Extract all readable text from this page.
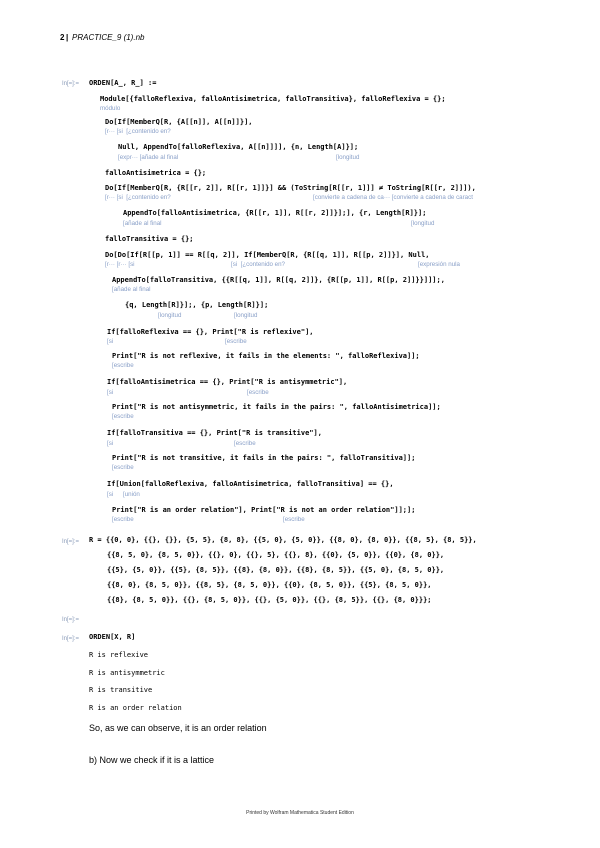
2 | PRACTICE_9 (1).nb
In[=]:= ORDEN[A_, R_] :=
Module[{falloReflexiva, falloAntisimetrica, falloTransitiva}, falloReflexiva = {};
módulo
Do[If[MemberQ[R, {A[[n]], A[[n]]}],
[r··· [si  [¿contenido en?
Null, AppendTo[falloReflexiva, A[[n]]]], {n, Length[A]}];
[expr··· [añade al final	[longitud
falloAntisimetrica = {};
Do[If[MemberQ[R, {R[[r, 2]], R[[r, 1]]}] && (ToString[R[[r, 1]]] ≠ ToString[R[[r, 2]]]),
[r··· [si  [¿contenido en?	[convierte a cadena de ca··· [convierte a cadena de caract
AppendTo[falloAntisimetrica, {R[[r, 1]], R[[r, 2]]}];], {r, Length[R]}];
[añade al final	[longitud
falloTransitiva = {};
Do[Do[If[R[[p, 1]] == R[[q, 2]], If[MemberQ[R, {R[[q, 1]], R[[p, 2]]}], Null,
[r··· [r··· [si	[si  [¿contenido en?	[expresión nula
AppendTo[falloTransitiva, {{R[[q, 1]], R[[q, 2]]}, {R[[p, 1]], R[[p, 2]]}}]]];,
[añade al final
{q, Length[R]}];, {p, Length[R]}];
[longitud	[longitud
If[falloReflexiva == {}, Print["R is reflexive"],
[si	[escribe
Print["R is not reflexive, it fails in the elements: ", falloReflexiva]];
[escribe
If[falloAntisimetrica == {}, Print["R is antisymmetric"],
[si	[escribe
Print["R is not antisymmetric, it fails in the pairs: ", falloAntisimetrica]];
[escribe
If[falloTransitiva == {}, Print["R is transitive"],
[si	[escribe
Print["R is not transitive, it fails in the pairs: ", falloTransitiva]];
[escribe
If[Union[falloReflexiva, falloAntisimetrica, falloTransitiva] == {},
[si [unión
Print["R is an order relation"], Print["R is not an order relation"]];];
[escribe	[escribe
In[=]:= R = {{0, 0}, {{}, {}}, {5, 5}, {8, 8}, {{5, 0}, {5, 0}}, {{8, 0}, {8, 0}}, {{8, 5}, {8, 5}},
{{8, 5, 0}, {8, 5, 0}}, {{}, 0}, {{}, 5}, {{}, 8}, {{0}, {5, 0}}, {{0}, {8, 0}},
{{5}, {5, 0}}, {{5}, {8, 5}}, {{8}, {8, 0}}, {{8}, {8, 5}}, {{5, 0}, {8, 5, 0}},
{{8, 0}, {8, 5, 0}}, {{8, 5}, {8, 5, 0}}, {{0}, {8, 5, 0}}, {{5}, {8, 5, 0}},
{{8}, {8, 5, 0}}, {{}, {8, 5, 0}}, {{}, {5, 0}}, {{}, {8, 5}}, {{}, {8, 0}}};
In[=]:=
In[=]:= ORDEN[X, R]
R is reflexive
R is antisymmetric
R is transitive
R is an order relation
So, as we can observe, it is an order relation
b) Now we check if it is a lattice
Printed by Wolfram Mathematica Student Edition
